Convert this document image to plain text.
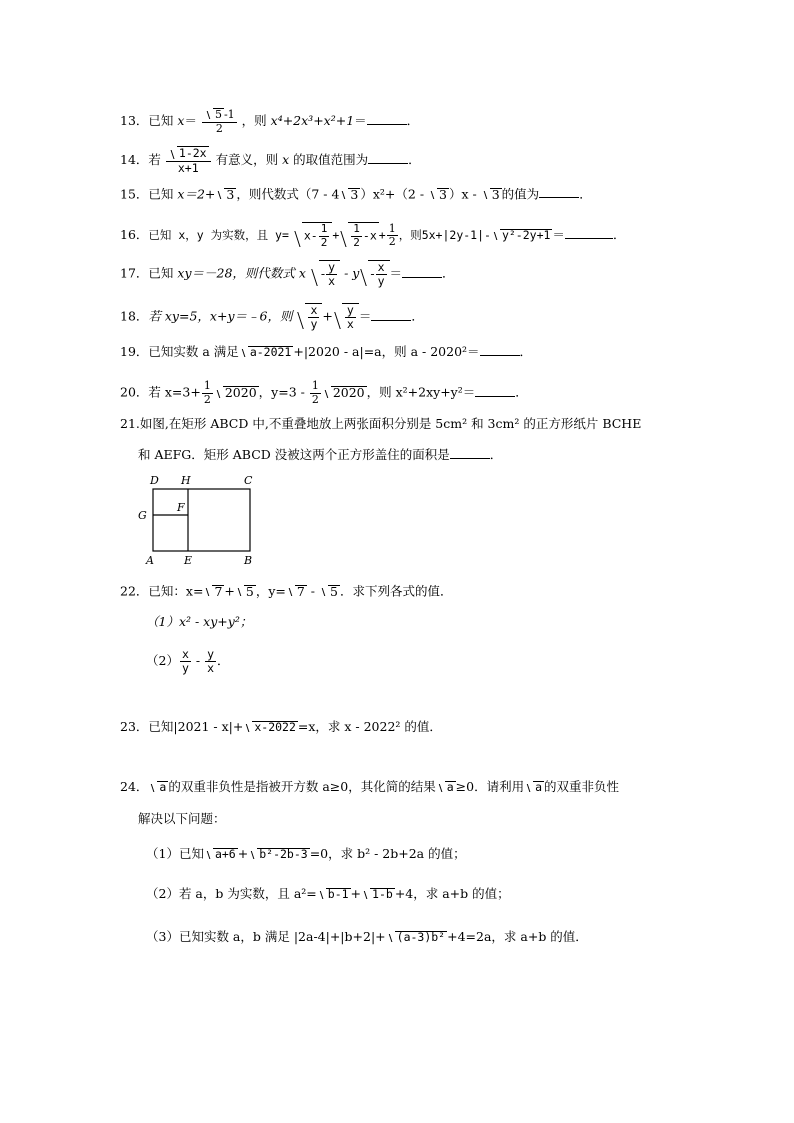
13．已知 $x= \frac{5 -1}{2}$ ，则 x⁴+2x³+x²+1＝	．
14．若 $\frac{1-2x}{x+1}$ 有意义，则 x 的取值范围为	．
15．已知 x＝2+ 3 ，则代数式（7 - 4 3 ）x²+（2 - 3 ）x - 3 的值为	．
16．已知 x，y 为实数，且 $y= x- \frac{1}{2} + \frac{1}{2} -x + \frac{1}{2}$ ，则5x+|2y-1|- y²-2y+1 ＝	．
17．已知 xy＝－28，则代数式 x - $\frac{y}{x}$ - y - $\frac{x}{y}$ ＝	．
18．若 xy=5，x+y＝﹣6，则 $\frac{x}{y} + \frac{y}{x}$ ＝	．
19．已知实数 a 满足 a-2021 +|2020 - a|=a，则 a - 2020²＝	．
20．若 $x=3+ \frac{1}{2} 2020$ ，$y=3 - \frac{1}{2} 2020$ ，则 x²+2xy+y²＝	．
21.如图,在矩形 ABCD 中,不重叠地放上两张面积分别是 5cm² 和 3cm² 的正方形纸片 BCHE
和 AEFG．矩形 ABCD 没被这两个正方形盖住的面积是	．
D H	C
G
F
A	E	B
22．已知：x= 7 + 5 ，y= 7 - 5 ．求下列各式的值．
（1）x² - xy+y²；
$(2) \frac{x}{y} - \frac{y}{x}$ ．
23．已知|2021 - x|+ x-2022 =x，求 x - 2022² 的值．
24． a 的双重非负性是指被开方数 a≥0，其化简的结果 a ≥0．请利用 a 的双重非负性
解决以下问题：
（1）已知 a+6 + b²-2b-3 =0，求 b² - 2b+2a 的值；
（2）若 a，b 为实数，且 a²= b-1 + 1-b +4，求 a+b 的值；
（3）已知实数 a，b 满足 |2a-4|+|b+2|+ (a-3)b² +4=2a，求 a+b 的值．
